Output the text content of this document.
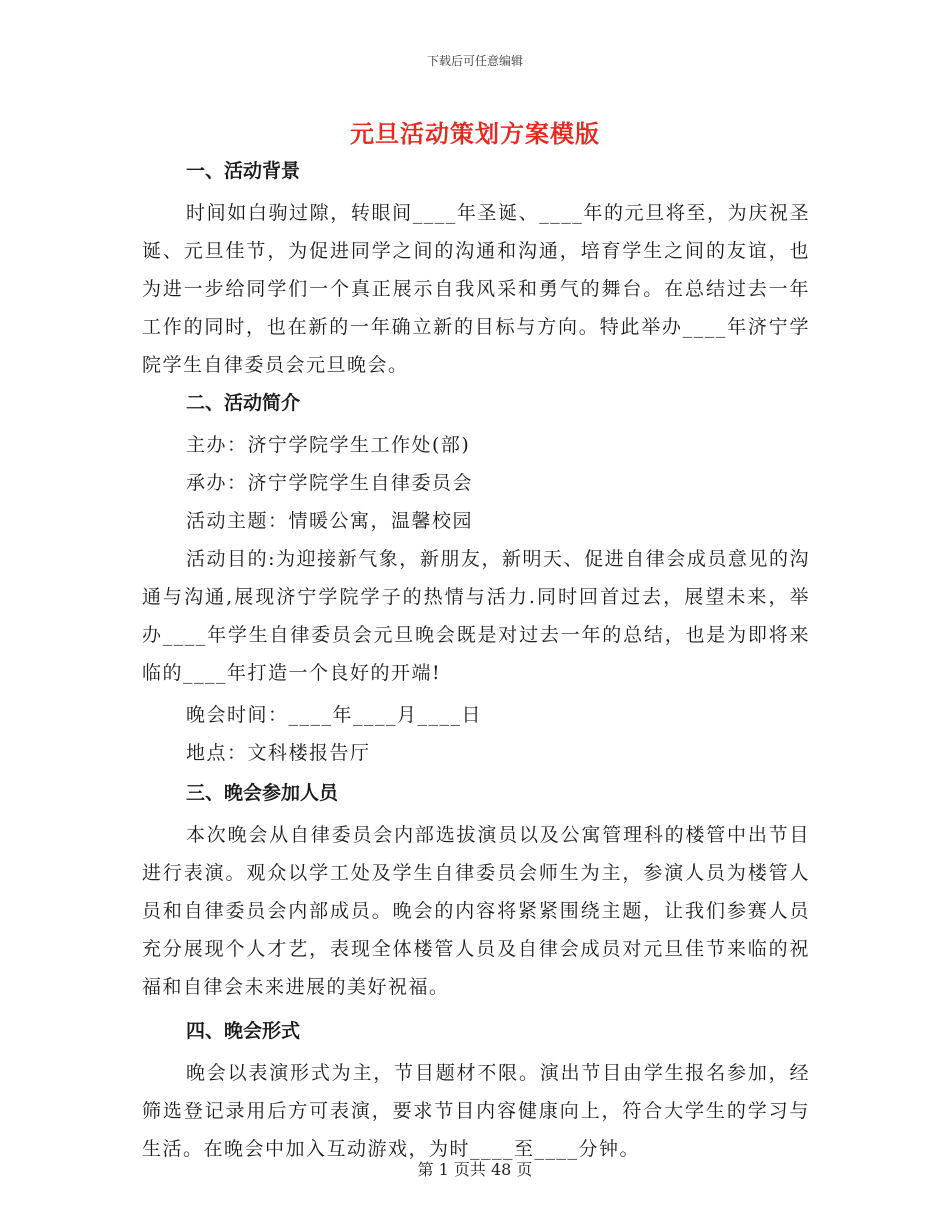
下载后可任意编辑
元旦活动策划方案模版
一、活动背景

时间如白驹过隙，转眼间____年圣诞、____年的元旦将至，为庆祝圣诞、元旦佳节，为促进同学之间的沟通和沟通，培育学生之间的友谊，也为进一步给同学们一个真正展示自我风采和勇气的舞台。在总结过去一年工作的同时，也在新的一年确立新的目标与方向。特此举办____年济宁学院学生自律委员会元旦晚会。

二、活动简介

主办：济宁学院学生工作处(部)

承办：济宁学院学生自律委员会

活动主题：情暖公寓，温馨校园

活动目的:为迎接新气象，新朋友，新明天、促进自律会成员意见的沟通与沟通,展现济宁学院学子的热情与活力.同时回首过去，展望未来，举办____年学生自律委员会元旦晚会既是对过去一年的总结，也是为即将来临的____年打造一个良好的开端!

晚会时间：____年____月____日

地点：文科楼报告厅

三、晚会参加人员

本次晚会从自律委员会内部选拔演员以及公寓管理科的楼管中出节目进行表演。观众以学工处及学生自律委员会师生为主，参演人员为楼管人员和自律委员会内部成员。晚会的内容将紧紧围绕主题，让我们参赛人员充分展现个人才艺，表现全体楼管人员及自律会成员对元旦佳节来临的祝福和自律会未来进展的美好祝福。

四、晚会形式

晚会以表演形式为主，节目题材不限。演出节目由学生报名参加，经筛选登记录用后方可表演，要求节目内容健康向上，符合大学生的学习与生活。在晚会中加入互动游戏，为时____至____分钟。

第 1 页共 48 页
